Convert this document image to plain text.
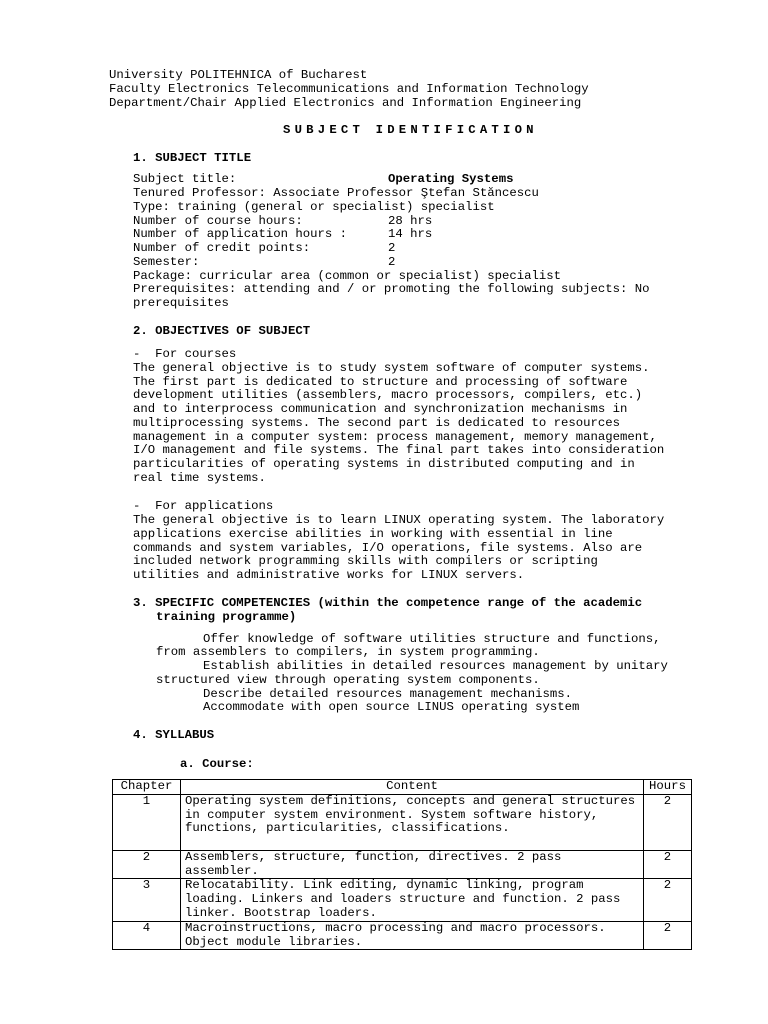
University POLITEHNICA of Bucharest
Faculty Electronics Telecommunications and Information Technology
Department/Chair Applied Electronics and Information Engineering
SUBJECT IDENTIFICATION
1. SUBJECT TITLE
Subject title:	Operating Systems
Tenured Professor: Associate Professor Ştefan Stăncescu
Type: training (general or specialist) specialist
Number of course hours:	28 hrs
Number of application hours :	14 hrs
Number of credit points:	2
Semester:	2
Package: curricular area (common or specialist) specialist
Prerequisites: attending and / or promoting the following subjects: No
prerequisites
2. OBJECTIVES OF SUBJECT
-  For courses
The general objective is to study system software of computer systems.
The first part is dedicated to structure and processing of software
development utilities (assemblers, macro processors, compilers, etc.)
and to interprocess communication and synchronization mechanisms in
multiprocessing systems. The second part is dedicated to resources
management in a computer system: process management, memory management,
I/O management and file systems. The final part takes into consideration
particularities of operating systems in distributed computing and in
real time systems.
-  For applications
The general objective is to learn LINUX operating system. The laboratory
applications exercise abilities in working with essential in line
commands and system variables, I/O operations, file systems. Also are
included network programming skills with compilers or scripting
utilities and administrative works for LINUX servers.
3. SPECIFIC COMPETENCIES (within the competence range of the academic
training programme)
Offer knowledge of software utilities structure and functions,
from assemblers to compilers, in system programming.
Establish abilities in detailed resources management by unitary
structured view through operating system components.
Describe detailed resources management mechanisms.
Accommodate with open source LINUS operating system
4. SYLLABUS
a. Course:
Chapter	Content	Hours
1	Operating system definitions, concepts and general structures in computer system environment. System software history, functions, particularities, classifications.	2
2	Assemblers, structure, function, directives. 2 pass assembler.	2
3	Relocatability. Link editing, dynamic linking, program loading. Linkers and loaders structure and function. 2 pass linker. Bootstrap loaders.	2
4	Macroinstructions, macro processing and macro processors. Object module libraries.	2
